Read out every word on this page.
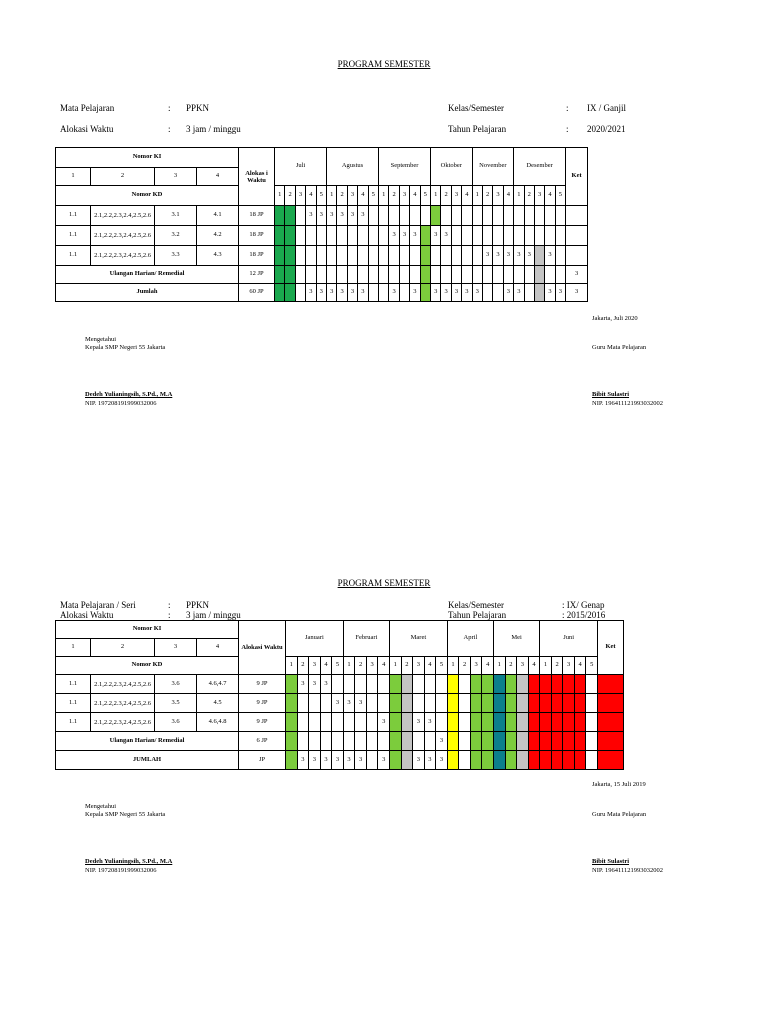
PROGRAM SEMESTER
Mata Pelajaran	: PPKN
Alokasi Waktu	: 3 jam / minggu
Kelas/Semester	: IX / Ganjil
Tahun Pelajaran	: 2020/2021
Nomor KI				Alokas i Waktu	Juli					Agustus					September					Oktober				November				Desember					Ket
1	2	3	4																														
Nomor KD					1	2	3	4	5	1	2	3	4	5	1	2	3	4	5	1	2	3	4	1	2	3	4	1	2	3	4	5	
1.1	2.1,2.2,2.3,2.4,2.5,2.6	3.1	4.1	18 JP				3	3	3	3	3	3																				
1.1	2.1,2.2,2.3,2.4,2.5,2.6	3.2	4.2	18 JP												3	3	3		3	3												
1.1	2.1,2.2,2.3,2.4,2.5,2.6	3.3	4.3	18 JP																					3	3	3	3	3		3		
Ulangan Harian/ Remedial				12 JP																													3
Jumlah				60 JP				3	3	3	3	3	3			3		3		3	3	3	3	3			3	3			3	3	3
Jakarta, Juli 2020
Mengetahui
Kepala SMP Negeri 55 Jakarta	Guru Mata Pelajaran
Dedeh Yulianingsih, S.Pd., M.A
NIP. 197208191999032006
Bibit Sulastri
NIP. 196411121993032002
PROGRAM SEMESTER
Mata Pelajaran / Seri	: PPKN
Alokasi Waktu	: 3 jam / minggu
Kelas/Semester	: IX/ Genap
Tahun Pelajaran	: 2015/2016
Nomor KI				Alokasi Waktu	Januari					Februari				Maret					April				Mei				Juni					Ket
1	2	3	4																													
Nomor KD					1	2	3	4	5	1	2	3	4	1	2	3	4	5	1	2	3	4	1	2	3	4	1	2	3	4	5	
1.1	2.1,2.2,2.3,2.4,2.5,2.6	3.6	4.6,4.7	9 JP		3	3	3																								
1.1	2.1,2.2,2.3,2.4,2.5,2.6	3.5	4.5	9 JP					3	3	3																					
1.1	2.1,2.2,2.3,2.4,2.5,2.6	3.6	4.6,4.8	9 JP									3			3	3															
Ulangan Harian/ Remedial				6 JP														3														
JUMLAH				JP		3	3	3	3	3	3		3			3	3	3														
Jakarta, 15 Juli 2019
Mengetahui
Kepala SMP Negeri 55 Jakarta	Guru Mata Pelajaran
Dedeh Yulianingsih, S.Pd., M.A
NIP. 197208191999032006
Bibit Sulastri
NIP. 196411121993032002
